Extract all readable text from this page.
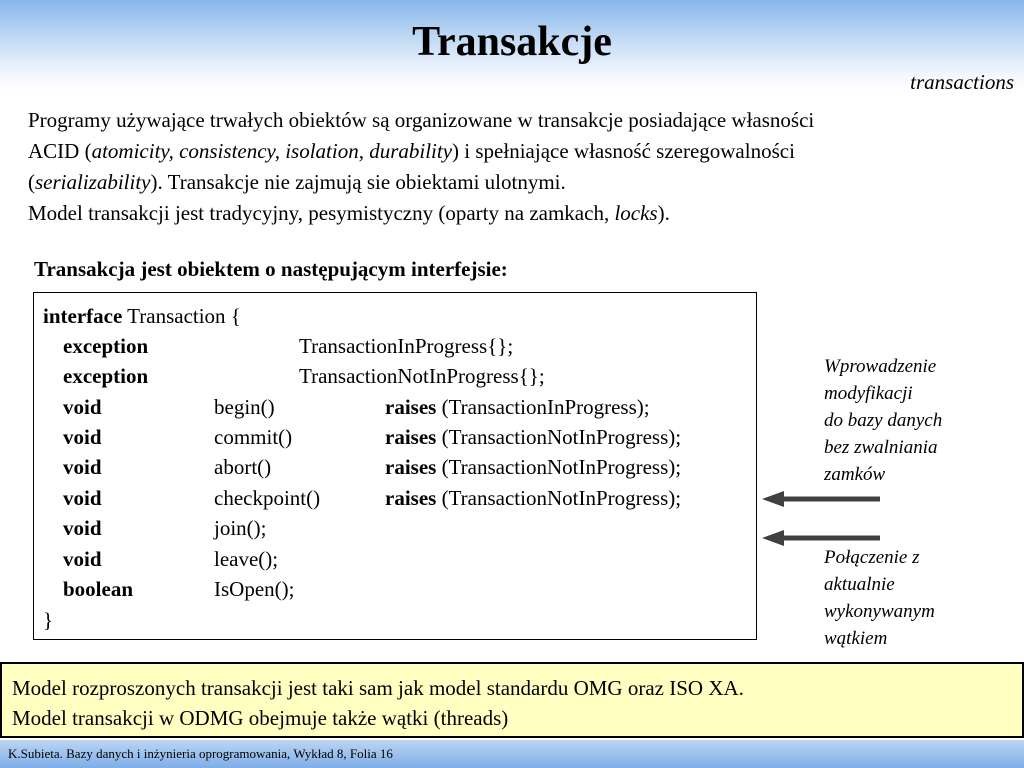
Transakcje
transactions

Programy używające trwałych obiektów są organizowane w transakcje posiadające własności

ACID (atomicity, consistency, isolation, durability) i spełniające własność szeregowalności

(serializability). Transakcje nie zajmują sie obiektami ulotnymi.

Model transakcji jest tradycyjny, pesymistyczny (oparty na zamkach, locks).

Transakcja jest obiektem o następującym interfejsie:
interface Transaction {
exception	TransactionInProgress{};
exception	TransactionNotInProgress{};
void	begin()	raises (TransactionInProgress);
void	commit()	raises (TransactionNotInProgress);
void	abort()	raises (TransactionNotInProgress);
void	checkpoint()	raises (TransactionNotInProgress);
void	join();
void	leave();
boolean	IsOpen();
}
Wprowadzenie
modyfikacji
do bazy danych
bez zwalniania
zamków
Połączenie z
aktualnie
wykonywanym
wątkiem

Model rozproszonych transakcji jest taki sam jak model standardu OMG oraz ISO XA.

Model transakcji w ODMG obejmuje także wątki (threads)

K.Subieta. Bazy danych i inżynieria oprogramowania, Wykład 8, Folia 16
